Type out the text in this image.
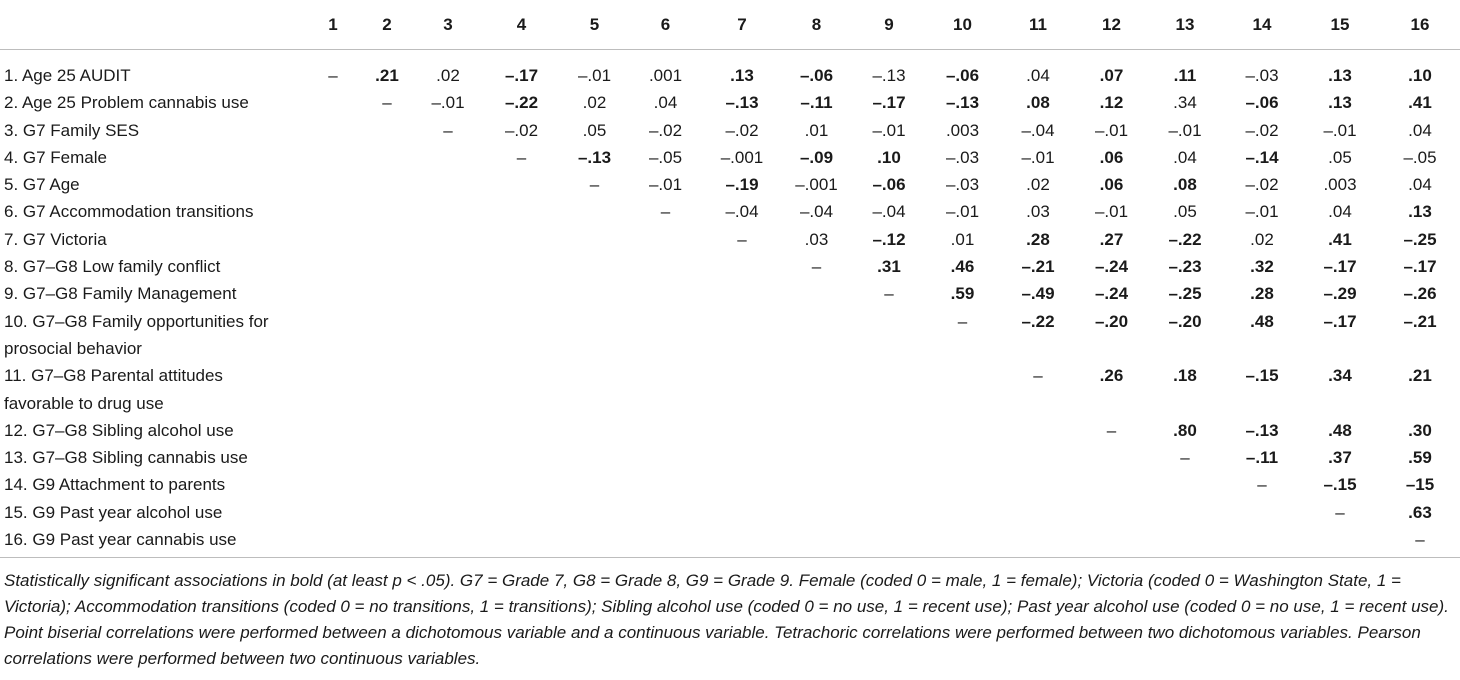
	1	2	3	4	5	6	7	8	9	10	11	12	13	14	15	16

1. Age 25 AUDIT	–	.21	.02	–.17	–.01	.001	.13	–.06	–.13	–.06	.04	.07	.11	–.03	.13	.10

2. Age 25 Problem cannabis use		–	–.01	–.22	.02	.04	–.13	–.11	–.17	–.13	.08	.12	.34	–.06	.13	.41

3. G7 Family SES			–	–.02	.05	–.02	–.02	.01	–.01	.003	–.04	–.01	–.01	–.02	–.01	.04

4. G7 Female				–	–.13	–.05	–.001	–.09	.10	–.03	–.01	.06	.04	–.14	.05	–.05

5. G7 Age					–	–.01	–.19	–.001	–.06	–.03	.02	.06	.08	–.02	.003	.04

6. G7 Accommodation transitions						–	–.04	–.04	–.04	–.01	.03	–.01	.05	–.01	.04	.13

7. G7 Victoria							–	.03	–.12	.01	.28	.27	–.22	.02	.41	–.25

8. G7–G8 Low family conflict								–	.31	.46	–.21	–.24	–.23	.32	–.17	–.17

9. G7–G8 Family Management									–	.59	–.49	–.24	–.25	.28	–.29	–.26

10. G7–G8 Family opportunities for
prosocial behavior										–	–.22	–.20	–.20	.48	–.17	–.21

11. G7–G8 Parental attitudes
favorable to drug use											–	.26	.18	–.15	.34	.21

12. G7–G8 Sibling alcohol use												–	.80	–.13	.48	.30

13. G7–G8 Sibling cannabis use													–	–.11	.37	.59

14. G9 Attachment to parents														–	–.15	–15

15. G9 Past year alcohol use															–	.63

16. G9 Past year cannabis use																–
Statistically significant associations in bold (at least p < .05). G7 = Grade 7, G8 = Grade 8, G9 = Grade 9. Female (coded 0 = male, 1 = female); Victoria (coded 0 = Washington State, 1 = Victoria); Accommodation transitions (coded 0 = no transitions, 1 = transitions); Sibling alcohol use (coded 0 = no use, 1 = recent use); Past year alcohol use (coded 0 = no use, 1 = recent use). Point biserial correlations were performed between a dichotomous variable and a continuous variable. Tetrachoric correlations were performed between two dichotomous variables. Pearson correlations were performed between two continuous variables.
